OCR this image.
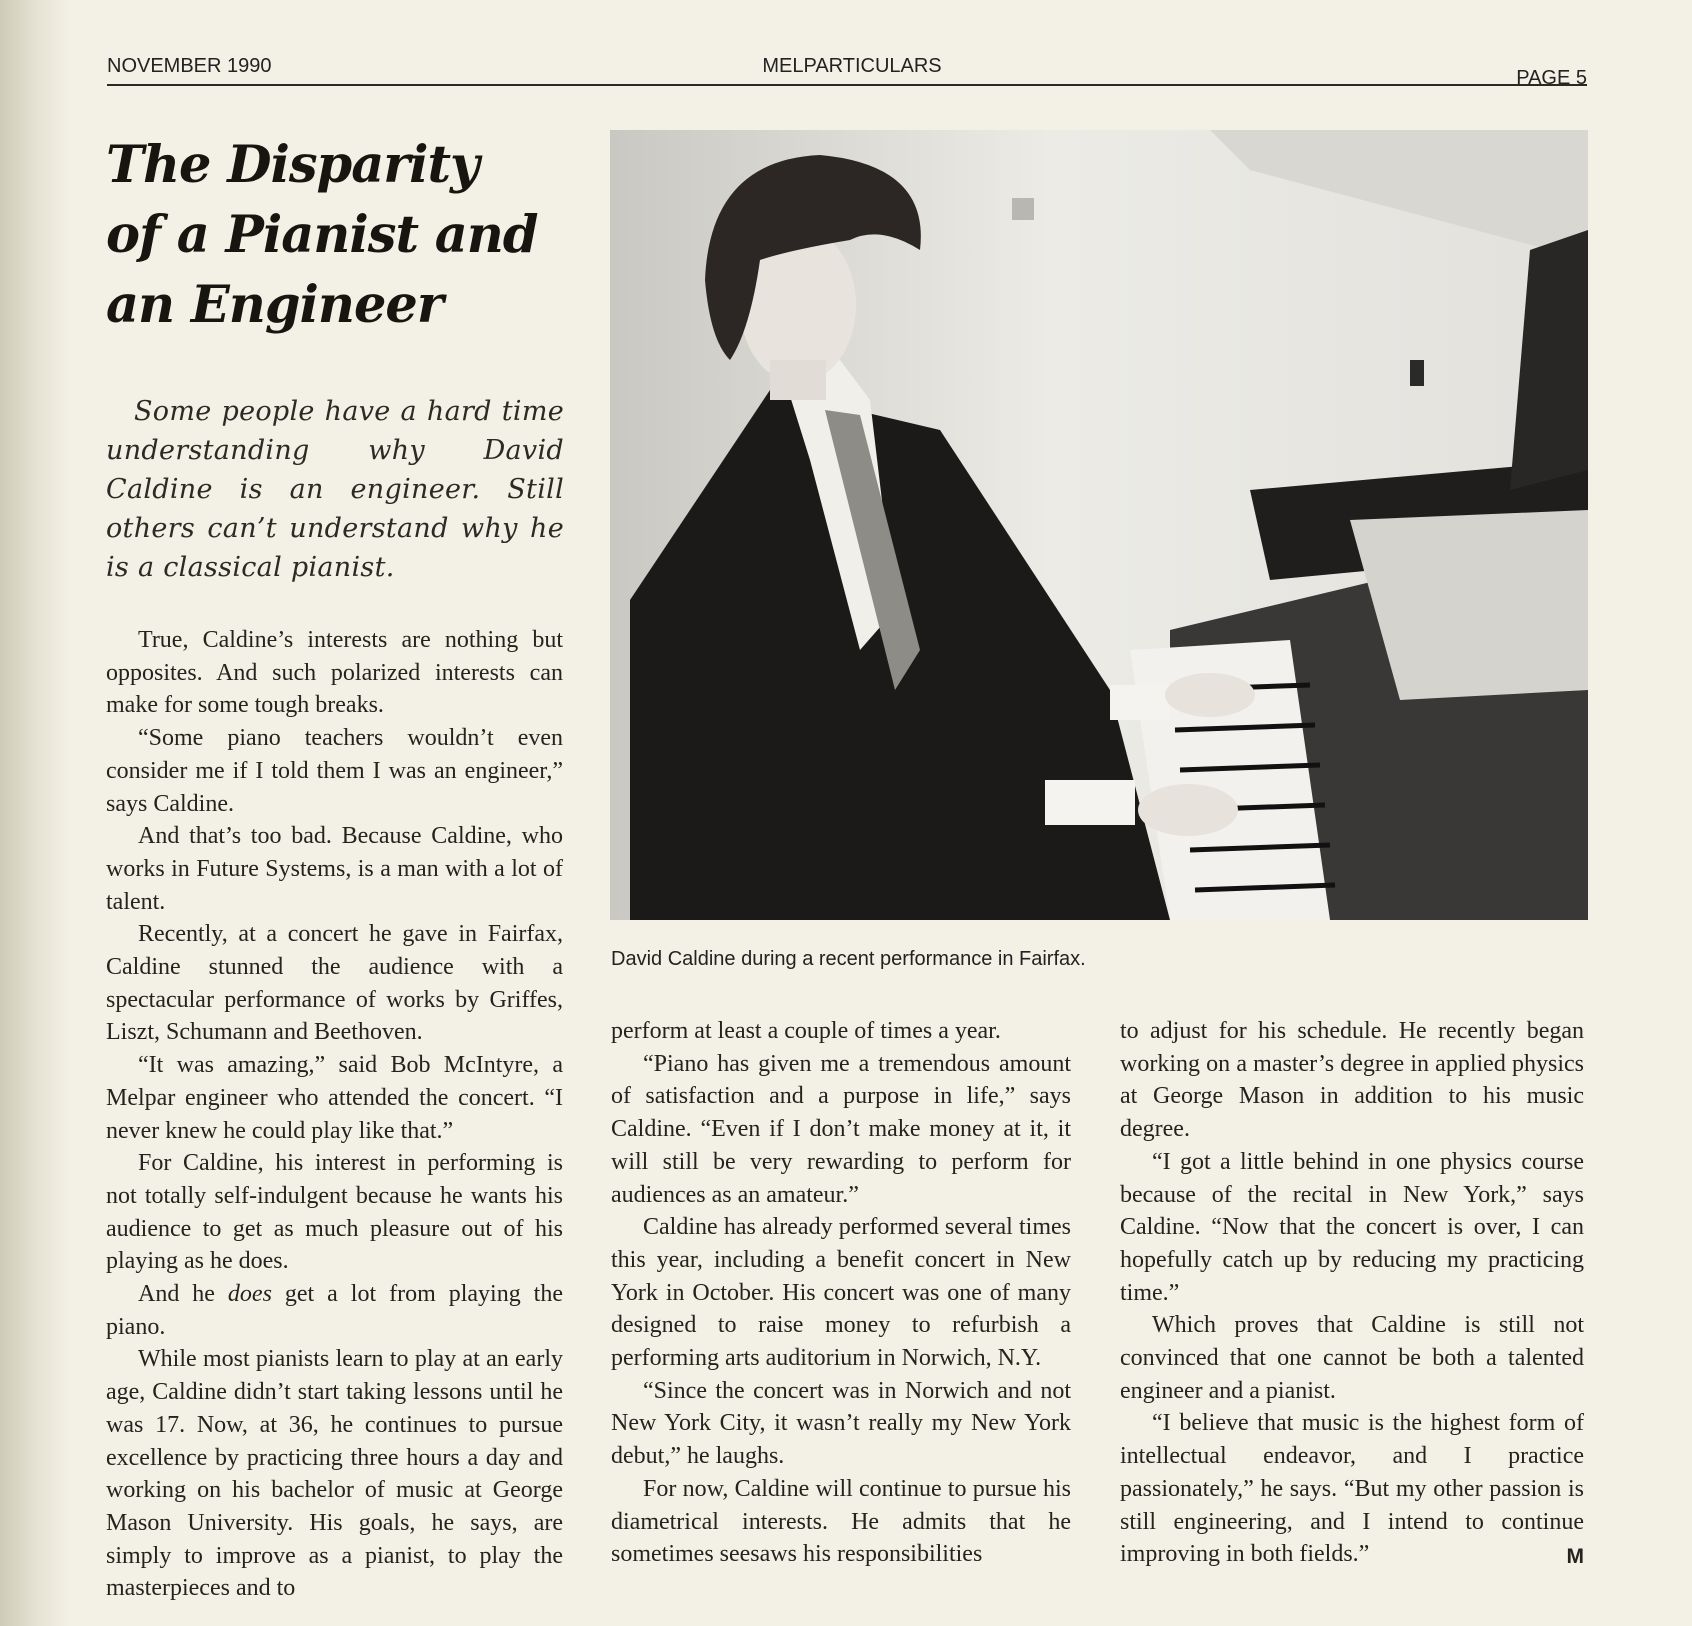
NOVEMBER 1990	MELPARTICULARS
PAGE 5
The Disparity
of a Pianist and
an Engineer

Some people have a hard time understanding why David Caldine is an engineer. Still others can’t understand why he is a classical pianist.

True, Caldine’s interests are nothing but opposites. And such polarized interests can make for some tough breaks.

“Some piano teachers wouldn’t even consider me if I told them I was an engineer,” says Caldine.

And that’s too bad. Because Caldine, who works in Future Systems, is a man with a lot of talent.

Recently, at a concert he gave in Fairfax, Caldine stunned the audience with a spectacular performance of works by Griffes, Liszt, Schumann and Beethoven.

“It was amazing,” said Bob McIntyre, a Melpar engineer who attended the concert. “I never knew he could play like that.”

For Caldine, his interest in performing is not totally self-indulgent because he wants his audience to get as much pleasure out of his playing as he does.

And he does get a lot from playing the piano.

While most pianists learn to play at an early age, Caldine didn’t start taking lessons until he was 17. Now, at 36, he continues to pursue excellence by practicing three hours a day and working on his bachelor of music at George Mason University. His goals, he says, are simply to improve as a pianist, to play the masterpieces and to

David Caldine during a recent performance in Fairfax.

perform at least a couple of times a year.

“Piano has given me a tremendous amount of satisfaction and a purpose in life,” says Caldine. “Even if I don’t make money at it, it will still be very rewarding to perform for audiences as an amateur.”

Caldine has already performed several times this year, including a benefit concert in New York in October. His concert was one of many designed to raise money to refurbish a performing arts auditorium in Norwich, N.Y.

“Since the concert was in Norwich and not New York City, it wasn’t really my New York debut,” he laughs.

For now, Caldine will continue to pursue his diametrical interests. He admits that he sometimes seesaws his responsibilities

to adjust for his schedule. He recently began working on a master’s degree in applied physics at George Mason in addition to his music degree.

“I got a little behind in one physics course because of the recital in New York,” says Caldine. “Now that the concert is over, I can hopefully catch up by reducing my practicing time.”

Which proves that Caldine is still not convinced that one cannot be both a talented engineer and a pianist.

“I believe that music is the highest form of intellectual endeavor, and I practice passionately,” he says. “But my other passion is still engineering, and I intend to continue improving in both fields.”	M
